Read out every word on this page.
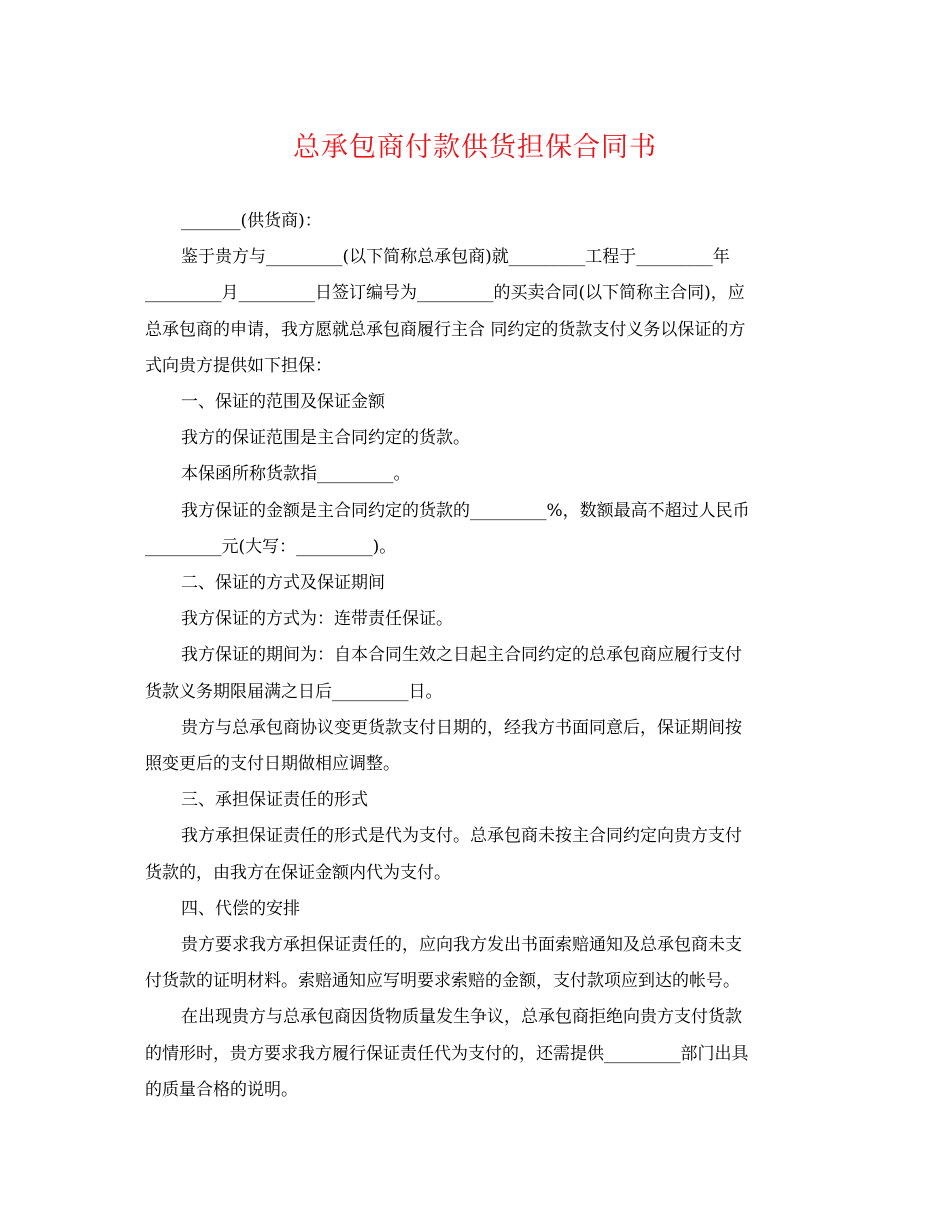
总承包商付款供货担保合同书

_______(供货商)：

鉴于贵方与_________(以下简称总承包商)就_________工程于_________年

_________月_________日签订编号为_________的买卖合同(以下简称主合同)，应

总承包商的申请，我方愿就总承包商履行主合 同约定的货款支付义务以保证的方

式向贵方提供如下担保：

一、保证的范围及保证金额

我方的保证范围是主合同约定的货款。

本保函所称货款指_________。

我方保证的金额是主合同约定的货款的_________%，数额最高不超过人民币

_________元(大写：_________)。

二、保证的方式及保证期间

我方保证的方式为：连带责任保证。

我方保证的期间为：自本合同生效之日起主合同约定的总承包商应履行支付

货款义务期限届满之日后_________日。

贵方与总承包商协议变更货款支付日期的，经我方书面同意后，保证期间按

照变更后的支付日期做相应调整。

三、承担保证责任的形式

我方承担保证责任的形式是代为支付。总承包商未按主合同约定向贵方支付

货款的，由我方在保证金额内代为支付。

四、代偿的安排

贵方要求我方承担保证责任的，应向我方发出书面索赔通知及总承包商未支

付货款的证明材料。索赔通知应写明要求索赔的金额，支付款项应到达的帐号。

在出现贵方与总承包商因货物质量发生争议，总承包商拒绝向贵方支付货款

的情形时，贵方要求我方履行保证责任代为支付的，还需提供_________部门出具

的质量合格的说明。
